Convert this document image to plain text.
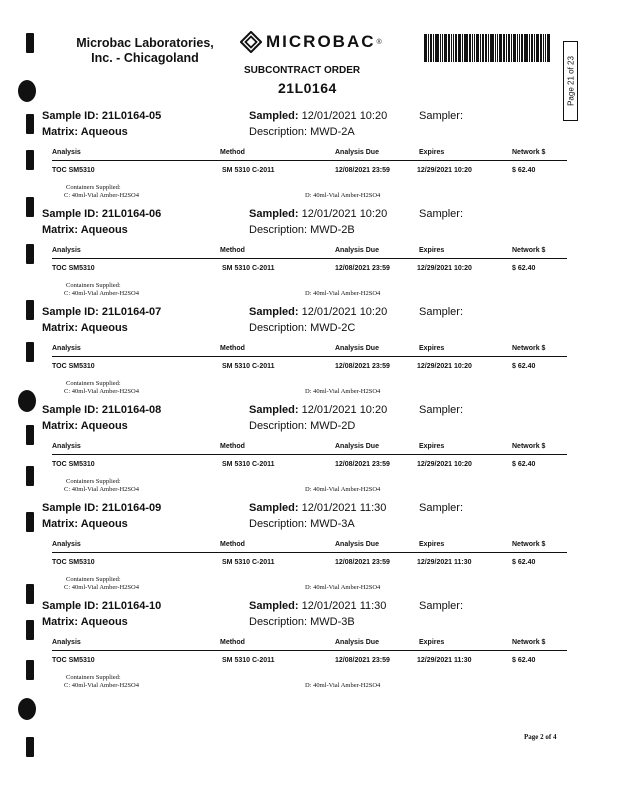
Microbac Laboratories,
Inc. - Chicagoland
MICROBAC ®
Page 21 of 23
SUBCONTRACT ORDER
21L0164
Sample ID: 21L0164-05	Sampled: 12/01/2021 10:20	Sampler:
Matrix: Aqueous	Description: MWD-2A
Analysis	Method	Analysis Due	Expires	Network $
TOC SM5310	SM 5310 C-2011	12/08/2021 23:59	12/29/2021 10:20	$ 62.40
Containers Supplied:
C: 40ml-Vial Amber-H2SO4	D: 40ml-Vial Amber-H2SO4
Sample ID: 21L0164-06	Sampled: 12/01/2021 10:20	Sampler:
Matrix: Aqueous	Description: MWD-2B
Analysis	Method	Analysis Due	Expires	Network $
TOC SM5310	SM 5310 C-2011	12/08/2021 23:59	12/29/2021 10:20	$ 62.40
Containers Supplied:
C: 40ml-Vial Amber-H2SO4	D: 40ml-Vial Amber-H2SO4
Sample ID: 21L0164-07	Sampled: 12/01/2021 10:20	Sampler:
Matrix: Aqueous	Description: MWD-2C
Analysis	Method	Analysis Due	Expires	Network $
TOC SM5310	SM 5310 C-2011	12/08/2021 23:59	12/29/2021 10:20	$ 62.40
Containers Supplied:
C: 40ml-Vial Amber-H2SO4	D: 40ml-Vial Amber-H2SO4
Sample ID: 21L0164-08	Sampled: 12/01/2021 10:20	Sampler:
Matrix: Aqueous	Description: MWD-2D
Analysis	Method	Analysis Due	Expires	Network $
TOC SM5310	SM 5310 C-2011	12/08/2021 23:59	12/29/2021 10:20	$ 62.40
Containers Supplied:
C: 40ml-Vial Amber-H2SO4	D: 40ml-Vial Amber-H2SO4
Sample ID: 21L0164-09	Sampled: 12/01/2021 11:30	Sampler:
Matrix: Aqueous	Description: MWD-3A
Analysis	Method	Analysis Due	Expires	Network $
TOC SM5310	SM 5310 C-2011	12/08/2021 23:59	12/29/2021 11:30	$ 62.40
Containers Supplied:
C: 40ml-Vial Amber-H2SO4	D: 40ml-Vial Amber-H2SO4
Sample ID: 21L0164-10	Sampled: 12/01/2021 11:30	Sampler:
Matrix: Aqueous	Description: MWD-3B
Analysis	Method	Analysis Due	Expires	Network $
TOC SM5310	SM 5310 C-2011	12/08/2021 23:59	12/29/2021 11:30	$ 62.40
Containers Supplied:
C: 40ml-Vial Amber-H2SO4	D: 40ml-Vial Amber-H2SO4
Page 2 of 4
